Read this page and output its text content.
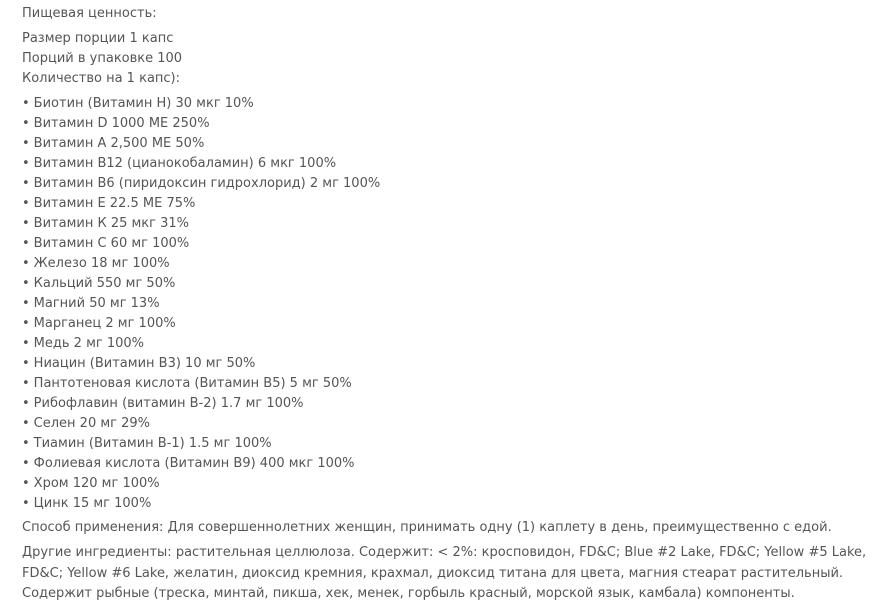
Пищевая ценность:

Размер порции 1 капс
Порций в упаковке 100
Количество на 1 капс):
• Биотин (Витамин Н) 30 мкг 10%
• Витамин D 1000 МЕ 250%
• Витамин А 2,500 МЕ 50%
• Витамин B12 (цианокобаламин) 6 мкг 100%
• Витамин B6 (пиридоксин гидрохлорид) 2 мг 100%
• Витамин E 22.5 МЕ 75%
• Витамин К 25 мкг 31%
• Витамин C 60 мг 100%
• Железо 18 мг 100%
• Кальций 550 мг 50%
• Магний 50 мг 13%
• Марганец 2 мг 100%
• Медь 2 мг 100%
• Ниацин (Витамин B3) 10 мг 50%
• Пантотеновая кислота (Витамин B5) 5 мг 50%
• Рибофлавин (витамин B-2) 1.7 мг 100%
• Селен 20 мг 29%
• Тиамин (Витамин B-1) 1.5 мг 100%
• Фолиевая кислота (Витамин B9) 400 мкг 100%
• Хром 120 мг 100%
• Цинк 15 мг 100%

Способ применения: Для совершеннолетних женщин, принимать одну (1) каплету в день, преимущественно с едой.

Другие ингредиенты: растительная целлюлоза. Содержит: < 2%: кросповидон, FD&C; Blue #2 Lake, FD&C; Yellow #5 Lake, FD&C; Yellow #6 Lake, желатин, диоксид кремния, крахмал, диоксид титана для цвета, магния стеарат растительный. Содержит рыбные (треска, минтай, пикша, хек, менек, горбыль красный, морской язык, камбала) компоненты.
